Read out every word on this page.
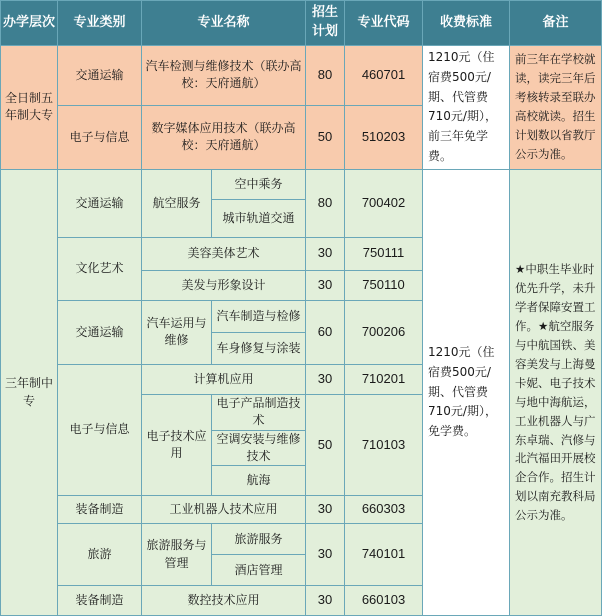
办学层次	专业类别	专业名称		招生计划	专业代码	收费标准	备注
全日制五年制大专	交通运输	汽车检测与维修技术（联办高校：天府通航）		80	460701	1210元（住宿费500元/期、代管费710元/期），前三年免学费。	前三年在学校就读，读完三年后考核转录至联办高校就读。招生计划数以省教厅公示为准。
	电子与信息	数字媒体应用技术（联办高校：天府通航）		50	510203		
三年制中专	交通运输	航空服务	空中乘务	80	700402	1210元（住宿费500元/期、代管费710元/期），免学费。	★中职生毕业时优先升学，未升学者保障安置工作。★航空服务与中航国铁、美容美发与上海曼卡妮、电子技术与地中海航运，工业机器人与广东卓瑞、汽修与北汽福田开展校企合作。招生计划以南充教科局公示为准。
			城市轨道交通				
	文化艺术	美容美体艺术		30	750111		
		美发与形象设计		30	750110		
	交通运输	汽车运用与维修	汽车制造与检修	60	700206		
			车身修复与涂装				
	电子与信息	计算机应用		30	710201		
		电子技术应用	电子产品制造技术	50	710103		
			空调安装与维修技术				
			航海				
	装备制造	工业机器人技术应用		30	660303		
	旅游	旅游服务与管理	旅游服务	30	740101		
			酒店管理				
	装备制造	数控技术应用		30	660103		
